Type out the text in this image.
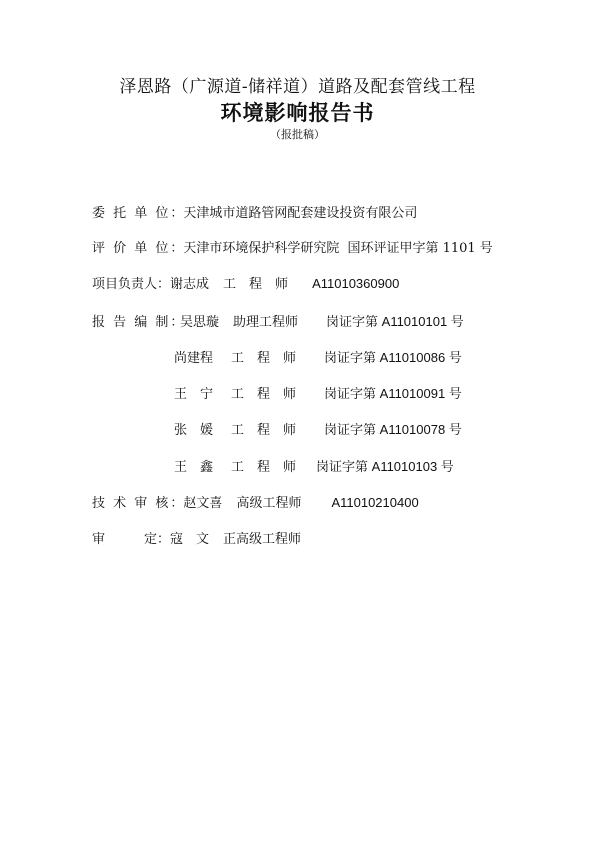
泽恩路（广源道-储祥道）道路及配套管线工程
环境影响报告书
（报批稿）
委 托 单 位：天津城市道路管网配套建设投资有限公司
评 价 单 位：天津市环境保护科学研究院 国环评证甲字第 1101 号
项目负责人：谢志成 工　程　师 A11010360900
报 告 编 制：
吴思璇 助理工程师 岗证字第 A11010101 号
尚建程 工　程　师 岗证字第 A11010086 号
王　宁 工　程　师 岗证字第 A11010091 号
张　媛 工　程　师 岗证字第 A11010078 号
王　鑫 工　程　师 岗证字第 A11010103 号
技 术 审 核：赵文喜 高级工程师 A11010210400
审　　　定：寇　文 正高级工程师
